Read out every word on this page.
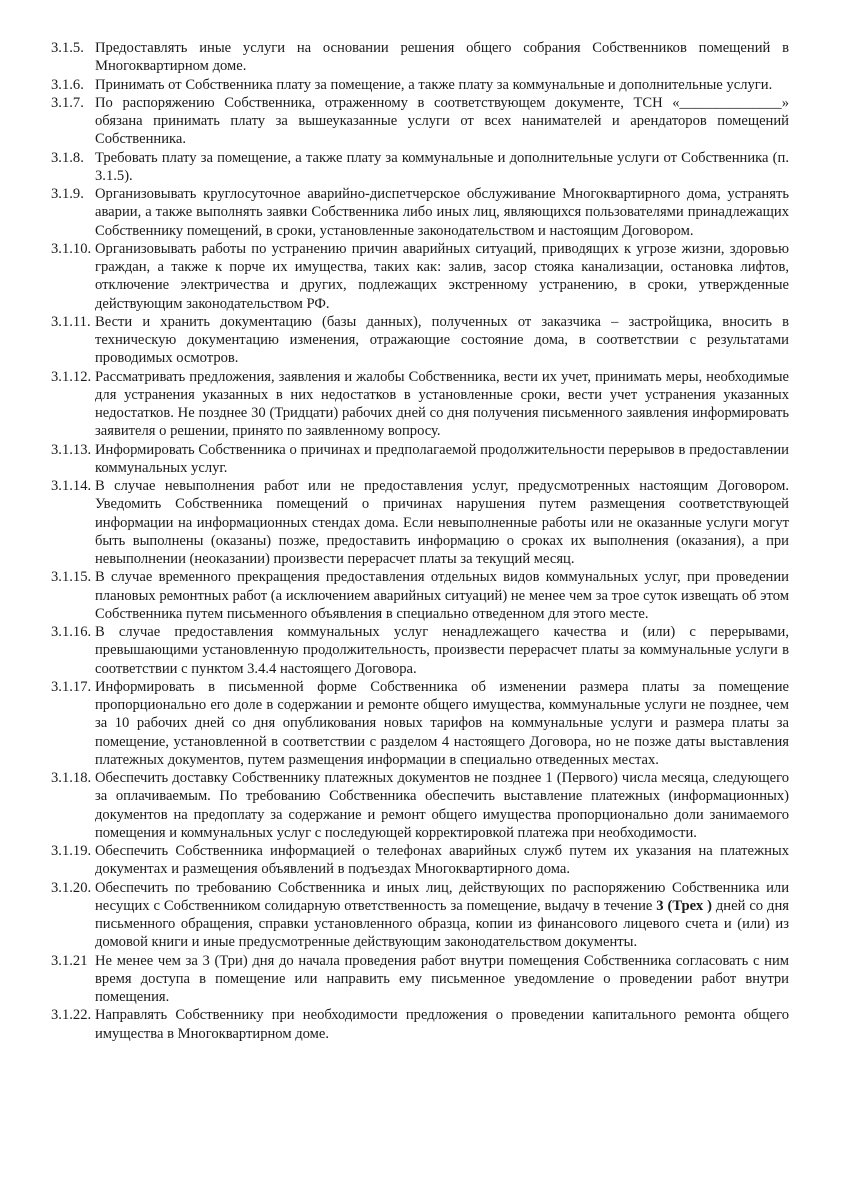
3.1.5. Предоставлять иные услуги на основании решения общего собрания Собственников помещений в Многоквартирном доме.

3.1.6. Принимать от Собственника плату за помещение, а также плату за коммунальные и дополнительные услуги.

3.1.7. По распоряжению Собственника, отраженному в соответствующем документе, ТСН «______________» обязана принимать плату за вышеуказанные услуги от всех нанимателей и арендаторов помещений Собственника.

3.1.8. Требовать плату за помещение, а также плату за коммунальные и дополнительные услуги от Собственника (п. 3.1.5).

3.1.9. Организовывать круглосуточное аварийно-диспетчерское обслуживание Многоквартирного дома, устранять аварии, а также выполнять заявки Собственника либо иных лиц, являющихся пользователями принадлежащих Собственнику помещений, в сроки, установленные законодательством и настоящим Договором.

3.1.10. Организовывать работы по устранению причин аварийных ситуаций, приводящих к угрозе жизни, здоровью граждан, а также к порче их имущества, таких как: залив, засор стояка канализации, остановка лифтов, отключение электричества и других, подлежащих экстренному устранению, в сроки, утвержденные действующим законодательством РФ.

3.1.11. Вести и хранить документацию (базы данных), полученных от заказчика – застройщика, вносить в техническую документацию изменения, отражающие состояние дома, в соответствии с результатами проводимых осмотров.

3.1.12. Рассматривать предложения, заявления и жалобы Собственника, вести их учет, принимать меры, необходимые для устранения указанных в них недостатков в установленные сроки, вести учет устранения указанных недостатков. Не позднее 30 (Тридцати) рабочих дней со дня получения письменного заявления информировать заявителя о решении, принято по заявленному вопросу.

3.1.13. Информировать Собственника о причинах и предполагаемой продолжительности перерывов в предоставлении коммунальных услуг.

3.1.14. В случае невыполнения работ или не предоставления услуг, предусмотренных настоящим Договором. Уведомить Собственника помещений о причинах нарушения путем размещения соответствующей информации на информационных стендах дома. Если невыполненные работы или не оказанные услуги могут быть выполнены (оказаны) позже, предоставить информацию о сроках их выполнения (оказания), а при невыполнении (неоказании) произвести перерасчет платы за текущий месяц.

3.1.15. В случае временного прекращения предоставления отдельных видов коммунальных услуг, при проведении плановых ремонтных работ (а исключением аварийных ситуаций) не менее чем за трое суток извещать об этом Собственника путем письменного объявления в специально отведенном для этого месте.

3.1.16. В случае предоставления коммунальных услуг ненадлежащего качества и (или) с перерывами, превышающими установленную продолжительность, произвести перерасчет платы за коммунальные услуги в соответствии с пунктом 3.4.4 настоящего Договора.

3.1.17. Информировать в письменной форме Собственника об изменении размера платы за помещение пропорционально его доле в содержании и ремонте общего имущества, коммунальные услуги не позднее, чем за 10 рабочих дней со дня опубликования новых тарифов на коммунальные услуги и размера платы за помещение, установленной в соответствии с разделом 4 настоящего Договора, но не позже даты выставления платежных документов, путем размещения информации в специально отведенных местах.

3.1.18. Обеспечить доставку Собственнику платежных документов не позднее 1 (Первого) числа месяца, следующего за оплачиваемым. По требованию Собственника обеспечить выставление платежных (информационных) документов на предоплату за содержание и ремонт общего имущества пропорционально доли занимаемого помещения и коммунальных услуг с последующей корректировкой платежа при необходимости.

3.1.19. Обеспечить Собственника информацией о телефонах аварийных служб путем их указания на платежных документах и размещения объявлений в подъездах Многоквартирного дома.

3.1.20. Обеспечить по требованию Собственника и иных лиц, действующих по распоряжению Собственника или несущих с Собственником солидарную ответственность за помещение, выдачу в течение 3 (Трех ) дней со дня письменного обращения, справки установленного образца, копии из финансового лицевого счета и (или) из домовой книги и иные предусмотренные действующим законодательством документы.

3.1.21 Не менее чем за 3 (Три) дня до начала проведения работ внутри помещения Собственника согласовать с ним время доступа в помещение или направить ему письменное уведомление о проведении работ внутри помещения.

3.1.22. Направлять Собственнику при необходимости предложения о проведении капитального ремонта общего имущества в Многоквартирном доме.
